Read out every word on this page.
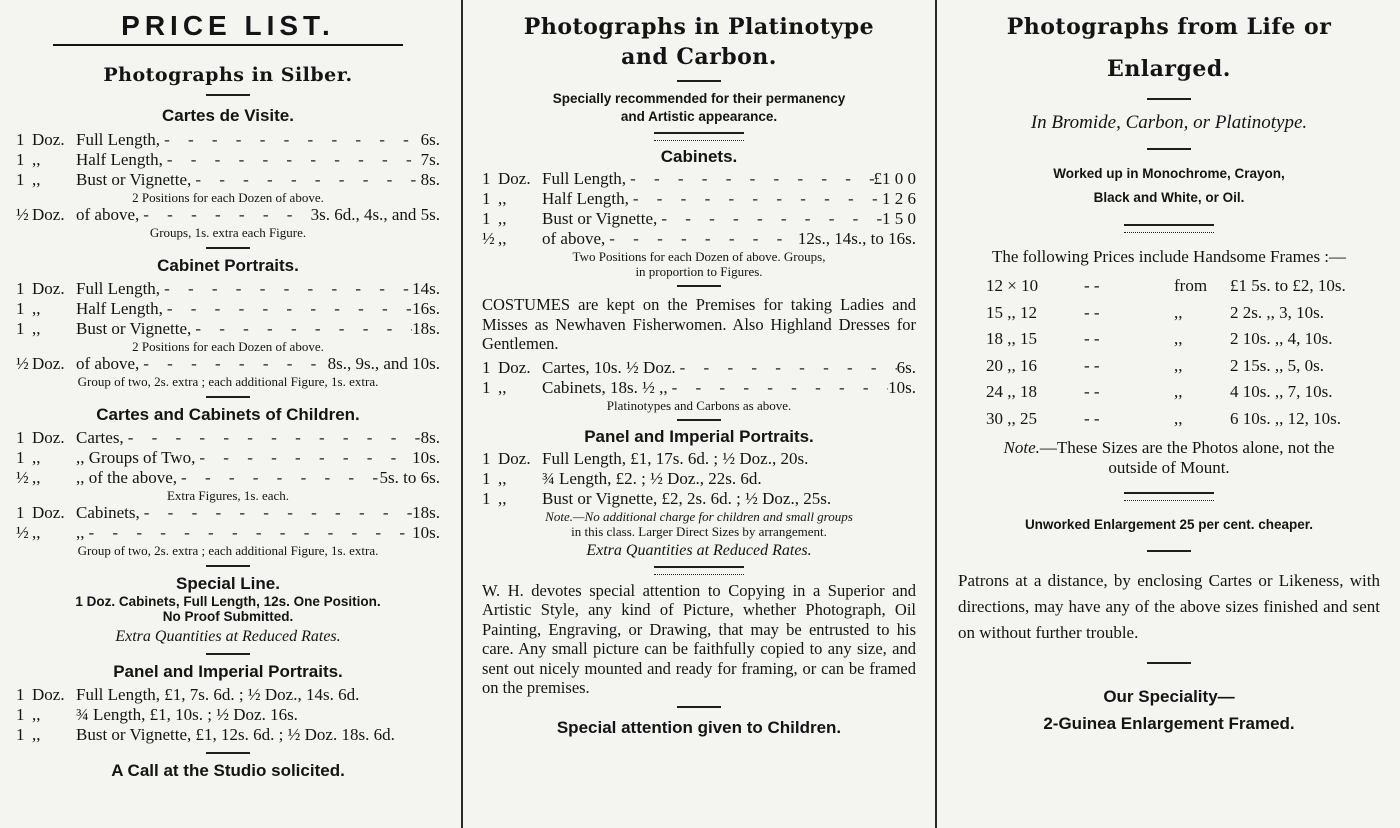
PRICE LIST.
Photographs in Silber.
Cartes de Visite.
1 Doz. Full Length, - - -	6s.
1 ,,	Half Length, - - -	7s.
1 ,,	Bust or Vignette, - - -	8s.
2 Positions for each Dozen of above.
½ Doz. of above, - - -	3s. 6d., 4s., and 5s.
Groups, 1s. extra each Figure.
Cabinet Portraits.
1 Doz. Full Length, - - -	14s.
1 ,,	Half Length, - - -	16s.
1 ,,	Bust or Vignette, - - -	18s.
2 Positions for each Dozen of above.
½ Doz. of above, - - -	8s., 9s., and 10s.
Group of two, 2s. extra ; each additional Figure, 1s. extra.
Cartes and Cabinets of Children.
1 Doz. Cartes, - - -	8s.
1 ,,	,, Groups of Two, - - -	10s.
½ ,,	,, of the above, - - -	5s. to 6s.
Extra Figures, 1s. each.
1 Doz. Cabinets, - - -	18s.
½ ,,	,, - - -	10s.
Group of two, 2s. extra ; each additional Figure, 1s. extra.
Special Line.
1 Doz. Cabinets, Full Length, 12s. One Position.
No Proof Submitted.
Extra Quantities at Reduced Rates.
Panel and Imperial Portraits.
1 Doz. Full Length, £1, 7s. 6d. ; ½ Doz., 14s. 6d.
1 ,,	¾ Length, £1, 10s. ; ½ Doz. 16s.
1 ,,	Bust or Vignette, £1, 12s. 6d. ; ½ Doz. 18s. 6d.
A Call at the Studio solicited.
Photographs in Platinotype
and Carbon.
Specially recommended for their permanency
and Artistic appearance.
Cabinets.
1 Doz. Full Length, - - -	£1 0 0
1 ,,	Half Length, - - -	1 2 6
1 ,,	Bust or Vignette, - - -	1 5 0
½ ,,	of above, - - -	12s., 14s., to 16s.
Two Positions for each Dozen of above. Groups,
in proportion to Figures.
COSTUMES are kept on the Premises for taking Ladies and Misses as Newhaven Fisherwomen. Also Highland Dresses for Gentlemen.
1 Doz. Cartes, 10s. ½ Doz. - - -	6s.
1 ,,	Cabinets, 18s. ½ ,, - - -	10s.
Platinotypes and Carbons as above.
Panel and Imperial Portraits.
1 Doz. Full Length, £1, 17s. 6d. ; ½ Doz., 20s.
1 ,,	¾ Length, £2. ; ½ Doz., 22s. 6d.
1 ,,	Bust or Vignette, £2, 2s. 6d. ; ½ Doz., 25s.
Note.—No additional charge for children and small groups
in this class. Larger Direct Sizes by arrangement.
Extra Quantities at Reduced Rates.
W. H. devotes special attention to Copying in a Superior and Artistic Style, any kind of Picture, whether Photograph, Oil Painting, Engraving, or Drawing, that may be entrusted to his care. Any small picture can be faithfully copied to any size, and sent out nicely mounted and ready for framing, or can be framed on the premises.
Special attention given to Children.
Photographs from Life or
Enlarged.
In Bromide, Carbon, or Platinotype.
Worked up in Monochrome, Crayon,
Black and White, or Oil.
The following Prices include Handsome Frames :—
12 × 10	- -	from	£1 5s. to £2, 10s.
15 ,, 12	- -	,,	2 2s. ,, 3, 10s.
18 ,, 15	- -	,,	2 10s. ,, 4, 10s.
20 ,, 16	- -	,,	2 15s. ,, 5, 0s.
24 ,, 18	- -	,,	4 10s. ,, 7, 10s.
30 ,, 25	- -	,,	6 10s. ,, 12, 10s.
Note.—These Sizes are the Photos alone, not the
outside of Mount.
Unworked Enlargement 25 per cent. cheaper.
Patrons at a distance, by enclosing Cartes or Likeness, with directions, may have any of the above sizes finished and sent on without further trouble.
Our Speciality—
2-Guinea Enlargement Framed.
